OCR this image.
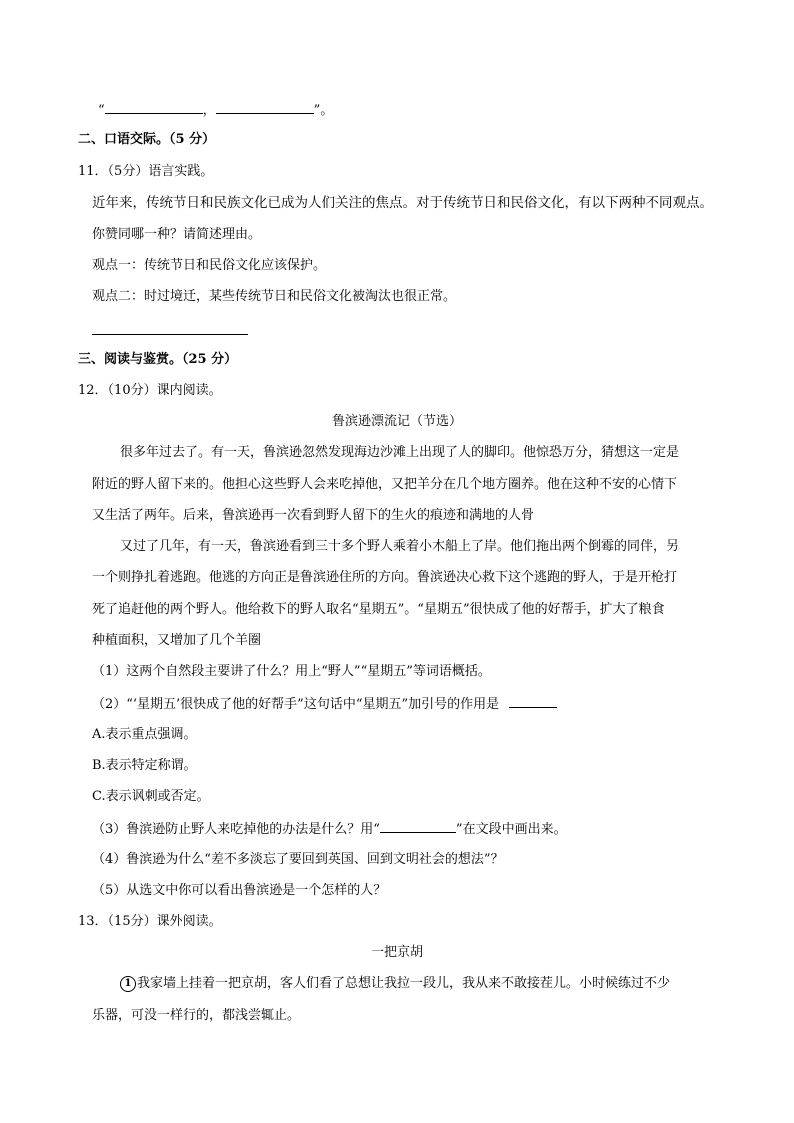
“	，	”。
二、口语交际。（5 分）
11．（5分）语言实践。
近年来，传统节日和民族文化已成为人们关注的焦点。对于传统节日和民俗文化，有以下两种不同观点。
你赞同哪一种？请简述理由。
观点一：传统节日和民俗文化应该保护。
观点二：时过境迁，某些传统节日和民俗文化被淘汰也很正常。
三、阅读与鉴赏。（25 分）
12．（10分）课内阅读。
鲁滨逊漂流记（节选）
很多年过去了。有一天，鲁滨逊忽然发现海边沙滩上出现了人的脚印。他惊恐万分，猜想这一定是
附近的野人留下来的。他担心这些野人会来吃掉他，又把羊分在几个地方圈养。他在这种不安的心情下
又生活了两年。后来，鲁滨逊再一次看到野人留下的生火的痕迹和满地的人骨
又过了几年，有一天，鲁滨逊看到三十多个野人乘着小木船上了岸。他们拖出两个倒霉的同伴，另
一个则挣扎着逃跑。他逃的方向正是鲁滨逊住所的方向。鲁滨逊决心救下这个逃跑的野人，于是开枪打
死了追赶他的两个野人。他给救下的野人取名“星期五”。“星期五”很快成了他的好帮手，扩大了粮食
种植面积，又增加了几个羊圈
（1）这两个自然段主要讲了什么？用上“野人”“星期五”等词语概括。
（2）“‘星期五’很快成了他的好帮手”这句话中“星期五”加引号的作用是
A.表示重点强调。
B.表示特定称谓。
C.表示讽刺或否定。
（3）鲁滨逊防止野人来吃掉他的办法是什么？用“	”在文段中画出来。
（4）鲁滨逊为什么“差不多淡忘了要回到英国、回到文明社会的想法”？
（5）从选文中你可以看出鲁滨逊是一个怎样的人？
13．（15分）课外阅读。
一把京胡
1 我家墙上挂着一把京胡，客人们看了总想让我拉一段儿，我从来不敢接茬儿。小时候练过不少
乐器，可没一样行的，都浅尝辄止。
